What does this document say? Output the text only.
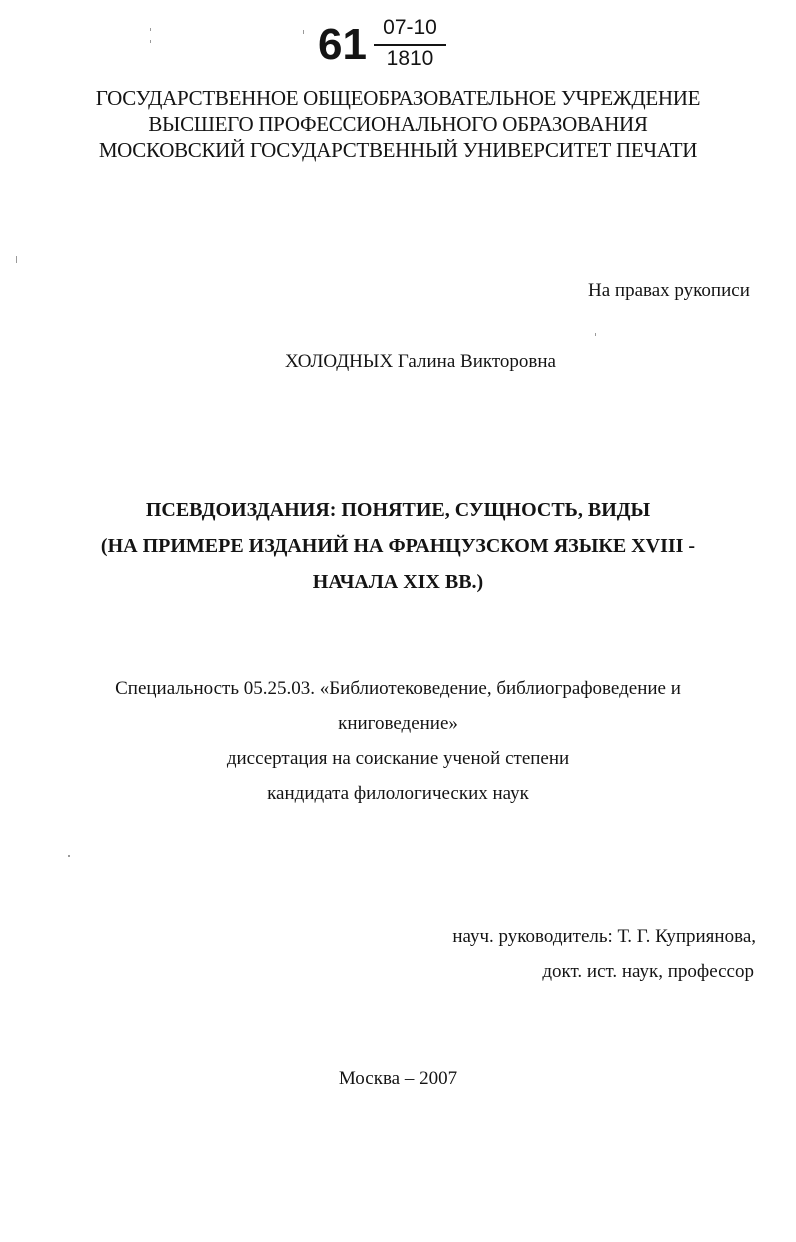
61 07-10
1810
ГОСУДАРСТВЕННОЕ ОБЩЕОБРАЗОВАТЕЛЬНОЕ УЧРЕЖДЕНИЕ
ВЫСШЕГО ПРОФЕССИОНАЛЬНОГО ОБРАЗОВАНИЯ
МОСКОВСКИЙ ГОСУДАРСТВЕННЫЙ УНИВЕРСИТЕТ ПЕЧАТИ
На правах рукописи
ХОЛОДНЫХ Галина Викторовна
ПСЕВДОИЗДАНИЯ: ПОНЯТИЕ, СУЩНОСТЬ, ВИДЫ
(НА ПРИМЕРЕ ИЗДАНИЙ НА ФРАНЦУЗСКОМ ЯЗЫКЕ XVIII -
НАЧАЛА XIX ВВ.)
Специальность 05.25.03. «Библиотековедение, библиографоведение и
книговедение»
диссертация на соискание ученой степени
кандидата филологических наук
науч. руководитель: Т. Г. Куприянова,
докт. ист. наук, профессор
Москва – 2007
